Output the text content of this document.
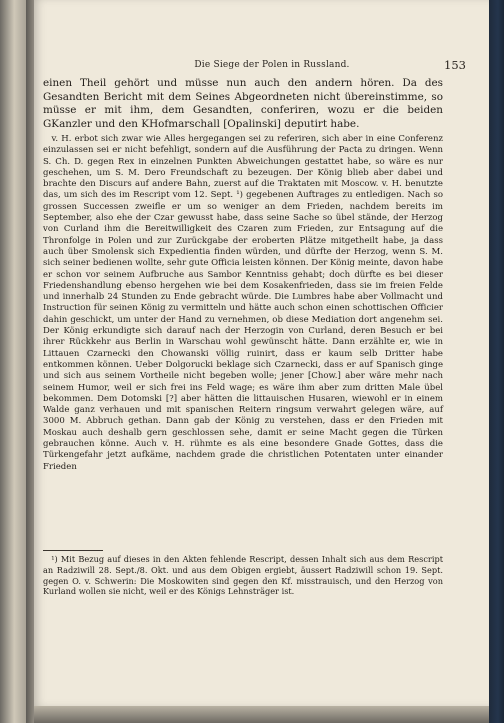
Die Siege der Polen in Russland.	153

einen Theil gehört und müsse nun auch den andern hören. Da des Gesandten Bericht mit dem Seines Abgeordneten nicht übereinstimme, so müsse er mit ihm, dem Gesandten, conferiren, wozu er die beiden GKanzler und den KHofmarschall [Opalinski] deputirt habe.

v. H. erbot sich zwar wie Alles hergegangen sei zu referiren, sich aber in eine Conferenz einzulassen sei er nicht befehligt, sondern auf die Ausführung der Pacta zu dringen. Wenn S. Ch. D. gegen Rex in einzelnen Punkten Abweichungen gestattet habe, so wäre es nur geschehen, um S. M. Dero Freundschaft zu bezeugen. Der König blieb aber dabei und brachte den Discurs auf andere Bahn, zuerst auf die Traktaten mit Moscow. v. H. benutzte das, um sich des im Rescript vom 12. Sept. ¹) gegebenen Auftrages zu entledigen. Nach so grossen Successen zweifle er um so weniger an dem Frieden, nachdem bereits im September, also ehe der Czar gewusst habe, dass seine Sache so übel stände, der Herzog von Curland ihm die Bereitwilligkeit des Czaren zum Frieden, zur Entsagung auf die Thronfolge in Polen und zur Zurückgabe der eroberten Plätze mitgetheilt habe, ja dass auch über Smolensk sich Expedientia finden würden, und dürfte der Herzog, wenn S. M. sich seiner bedienen wollte, sehr gute Officia leisten können. Der König meinte, davon habe er schon vor seinem Aufbruche aus Sambor Kenntniss gehabt; doch dürfte es bei dieser Friedenshandlung ebenso hergehen wie bei dem Kosakenfrieden, dass sie im freien Felde und innerhalb 24 Stunden zu Ende gebracht würde. Die Lumbres habe aber Vollmacht und Instruction für seinen König zu vermitteln und hätte auch schon einen schottischen Officier dahin geschickt, um unter der Hand zu vernehmen, ob diese Mediation dort angenehm sei. Der König erkundigte sich darauf nach der Herzogin von Curland, deren Besuch er bei ihrer Rückkehr aus Berlin in Warschau wohl gewünscht hätte. Dann erzählte er, wie in Littauen Czarnecki den Chowanski völlig ruinirt, dass er kaum selb Dritter habe entkommen können. Ueber Dolgorucki beklage sich Czarnecki, dass er auf Spanisch ginge und sich aus seinem Vortheile nicht begeben wolle; jener [Chow.] aber wäre mehr nach seinem Humor, weil er sich frei ins Feld wage; es wäre ihm aber zum dritten Male übel bekommen. Dem Dotomski [?] aber hätten die littauischen Husaren, wiewohl er in einem Walde ganz verhauen und mit spanischen Reitern ringsum verwahrt gelegen wäre, auf 3000 M. Abbruch gethan. Dann gab der König zu verstehen, dass er den Frieden mit Moskau auch deshalb gern geschlossen sehe, damit er seine Macht gegen die Türken gebrauchen könne. Auch v. H. rühmte es als eine besondere Gnade Gottes, dass die Türkengefahr jetzt aufkäme, nachdem grade die christlichen Potentaten unter einander Frieden

¹) Mit Bezug auf dieses in den Akten fehlende Rescript, dessen Inhalt sich aus dem Rescript an Radziwill 28. Sept./8. Okt. und aus dem Obigen ergiebt, äussert Radziwill schon 19. Sept. gegen O. v. Schwerin: Die Moskowiten sind gegen den Kf. misstrauisch, und den Herzog von Kurland wollen sie nicht, weil er des Königs Lehnsträger ist.
